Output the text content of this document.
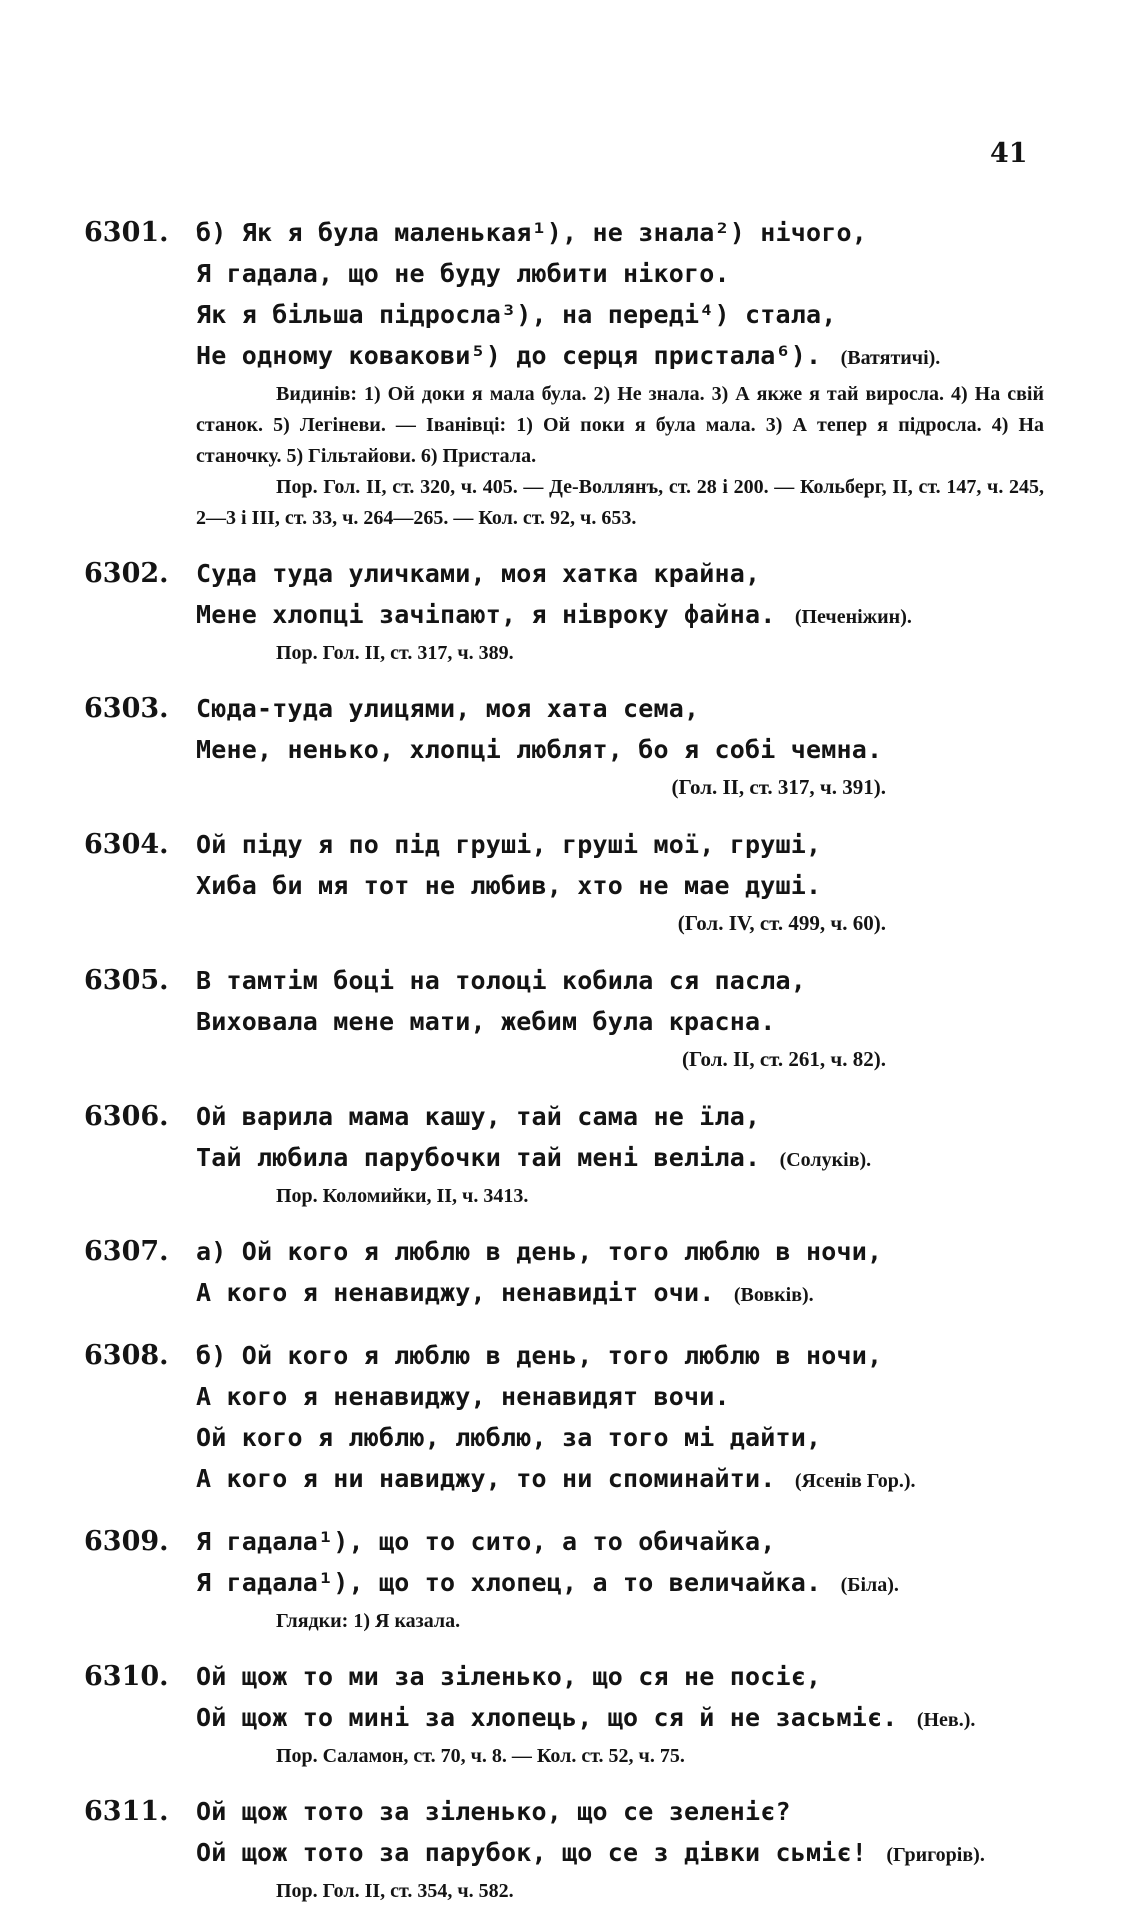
41
6301.	б) Як я була маленькая¹), не знала²) нічого,
Я гадала, що не буду любити нікого.
Як я більша підросла³), на переді⁴) стала,
Не одному ковакови⁵) до серця пристала⁶). (Ватятичі).

Видинів: 1) Ой доки я мала була. 2) Не знала. 3) А якже я тай виросла. 4) На свій станок. 5) Легіневи. — Іванівці: 1) Ой поки я була мала. 3) А тепер я підросла. 4) На станочку. 5) Гільтайови. 6) Пристала.

Пор. Гол. II, ст. 320, ч. 405. — Де-Воллянъ, ст. 28 і 200. — Кольберг, II, ст. 147, ч. 245, 2—3 і III, ст. 33, ч. 264—265. — Кол. ст. 92, ч. 653.

6302.	Суда туда уличками, моя хатка крайна,
Мене хлопці зачіпают, я нівроку файна. (Печеніжин).
Пор. Гол. II, ст. 317, ч. 389.
6303.	Сюда-туда улицями, моя хата сема,
Мене, ненько, хлопці люблят, бо я собі чемна.
(Гол. II, ст. 317, ч. 391).
6304.	Ой піду я по під груші, груші мої, груші,
Хиба би мя тот не любив, хто не мае душі.
(Гол. IV, ст. 499, ч. 60).
6305.	В тамтім боці на толоці кобила ся пасла,
Виховала мене мати, жебим була красна.
(Гол. II, ст. 261, ч. 82).
6306.	Ой варила мама кашу, тай сама не їла,
Тай любила парубочки тай мені веліла. (Солуків).
Пор. Коломийки, II, ч. 3413.
6307.	а) Ой кого я люблю в день, того люблю в ночи,
А кого я ненавиджу, ненавидіт очи. (Вовків).
6308.	б) Ой кого я люблю в день, того люблю в ночи,
А кого я ненавиджу, ненавидят вочи.
Ой кого я люблю, люблю, за того мі дайти,
А кого я ни навиджу, то ни споминайти. (Ясенів Гор.).
6309.	Я гадала¹), що то сито, а то обичайка,
Я гадала¹), що то хлопец, а то величайка. (Біла).
Глядки: 1) Я казала.
6310.	Ой щож то ми за зіленько, що ся не посіє,
Ой щож то мині за хлопець, що ся й не засьміє. (Нев.).
Пор. Саламон, ст. 70, ч. 8. — Кол. ст. 52, ч. 75.
6311.	Ой щож тото за зіленько, що се зеленіє?
Ой щож тото за парубок, що се з дівки сьміє! (Григорів).
Пор. Гол. II, ст. 354, ч. 582.
